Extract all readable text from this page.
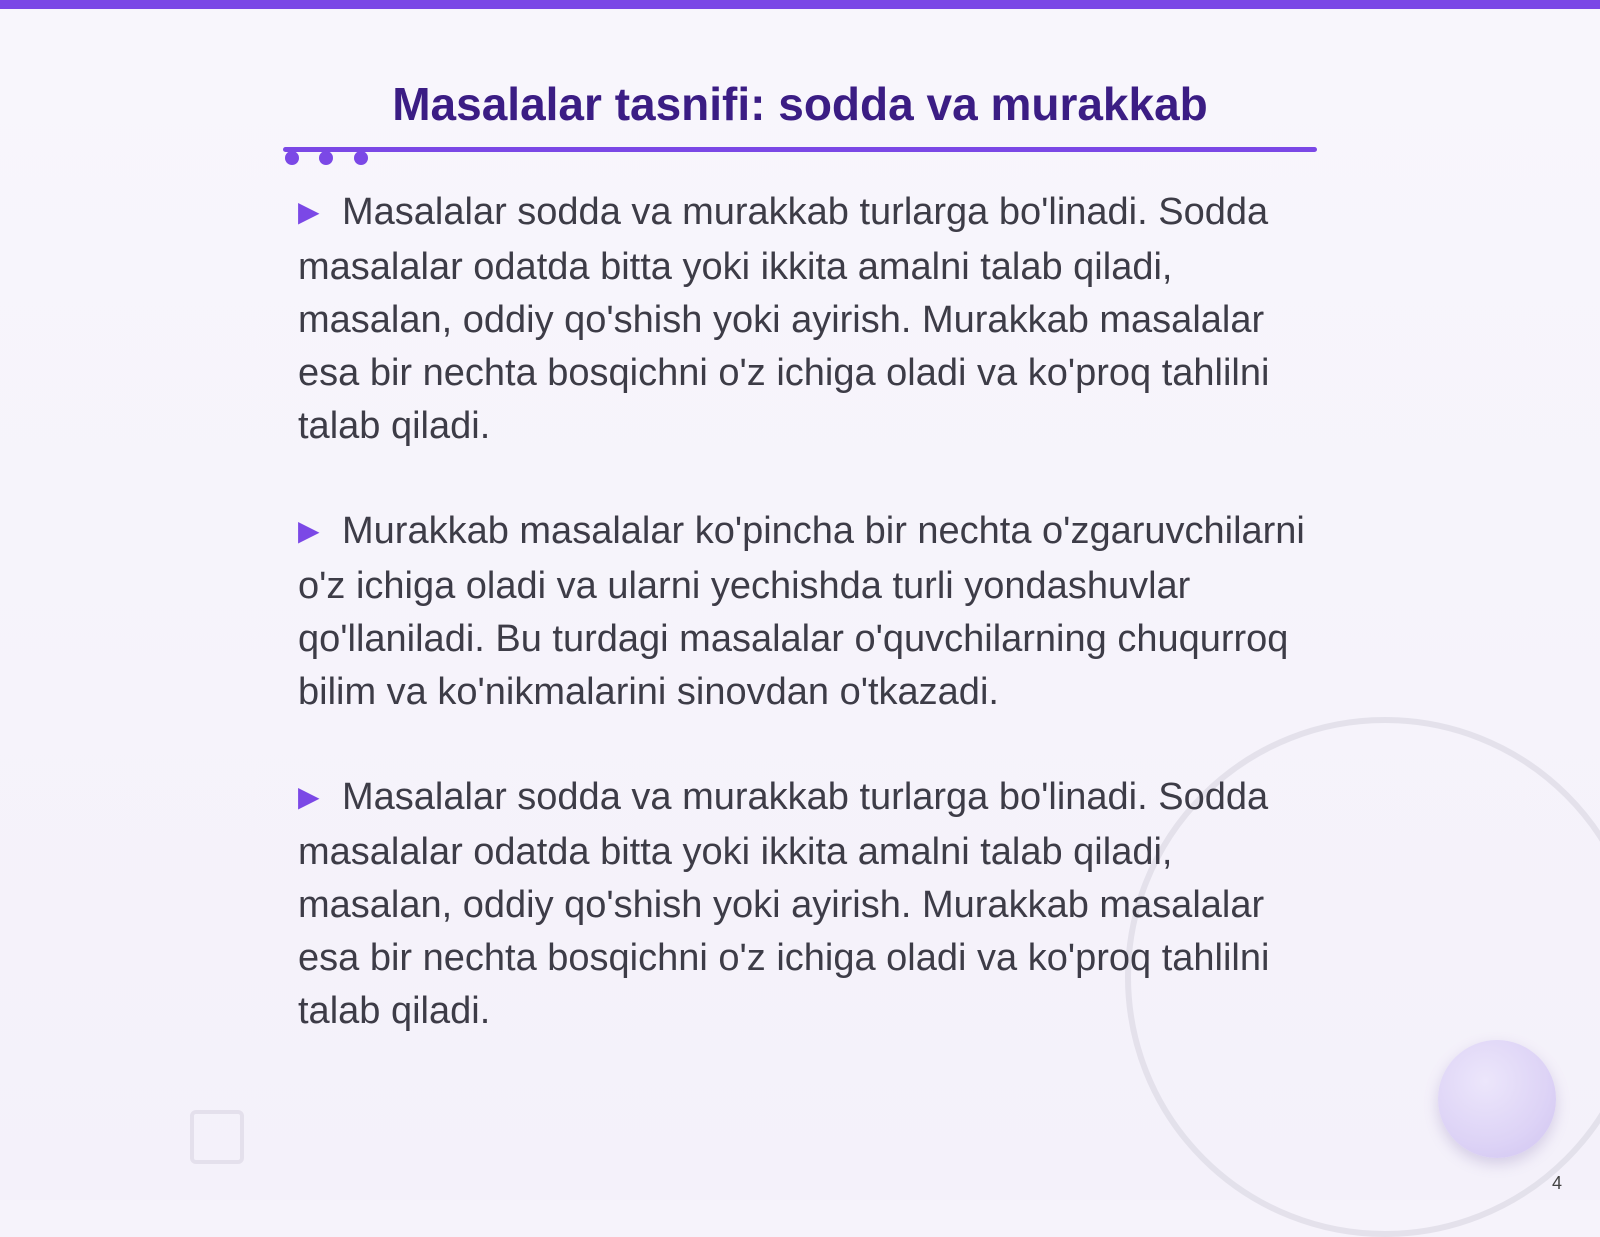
Masalalar tasnifi: sodda va murakkab

▶ Masalalar sodda va murakkab turlarga bo'linadi. Sodda masalalar odatda bitta yoki ikkita amalni talab qiladi, masalan, oddiy qo'shish yoki ayirish. Murakkab masalalar esa bir nechta bosqichni o'z ichiga oladi va ko'proq tahlilni talab qiladi.

▶ Murakkab masalalar ko'pincha bir nechta o'zgaruvchilarni o'z ichiga oladi va ularni yechishda turli yondashuvlar qo'llaniladi. Bu turdagi masalalar o'quvchilarning chuqurroq bilim va ko'nikmalarini sinovdan o'tkazadi.

▶ Masalalar sodda va murakkab turlarga bo'linadi. Sodda masalalar odatda bitta yoki ikkita amalni talab qiladi, masalan, oddiy qo'shish yoki ayirish. Murakkab masalalar esa bir nechta bosqichni o'z ichiga oladi va ko'proq tahlilni talab qiladi.

4
